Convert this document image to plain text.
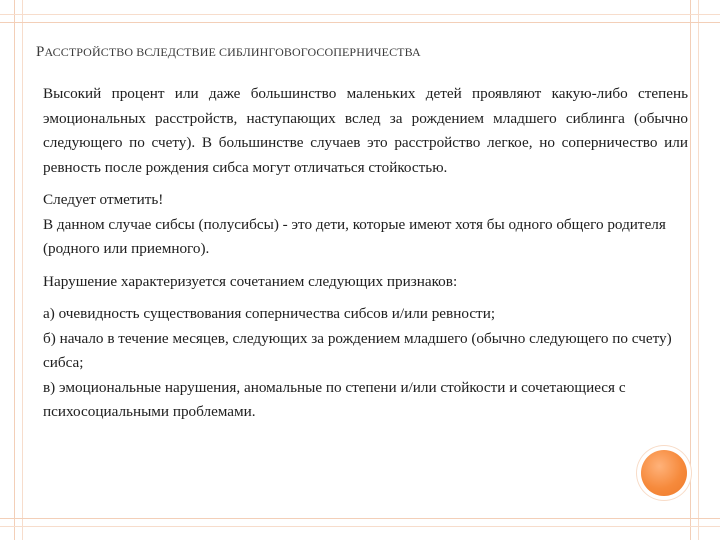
РАССТРОЙСТВО ВСЛЕДСТВИЕ СИБЛИНГОВОГОСОПЕРНИЧЕСТВА

Высокий процент или даже большинство маленьких детей проявляют какую-либо степень эмоциональных расстройств, наступающих вслед за рождением младшего сиблинга (обычно следующего по счету). В большинстве случаев это расстройство легкое, но соперничество или ревность после рождения сибса могут отличаться стойкостью.

Следует отметить!

В данном случае сибсы (полусибсы) - это дети, которые имеют хотя бы одного общего родителя (родного или приемного).

Нарушение характеризуется сочетанием следующих признаков:

а) очевидность существования соперничества сибсов и/или ревности;

б) начало в течение месяцев, следующих за рождением младшего (обычно следующего по счету) сибса;

в) эмоциональные нарушения, аномальные по степени и/или стойкости и сочетающиеся с психосоциальными проблемами.
